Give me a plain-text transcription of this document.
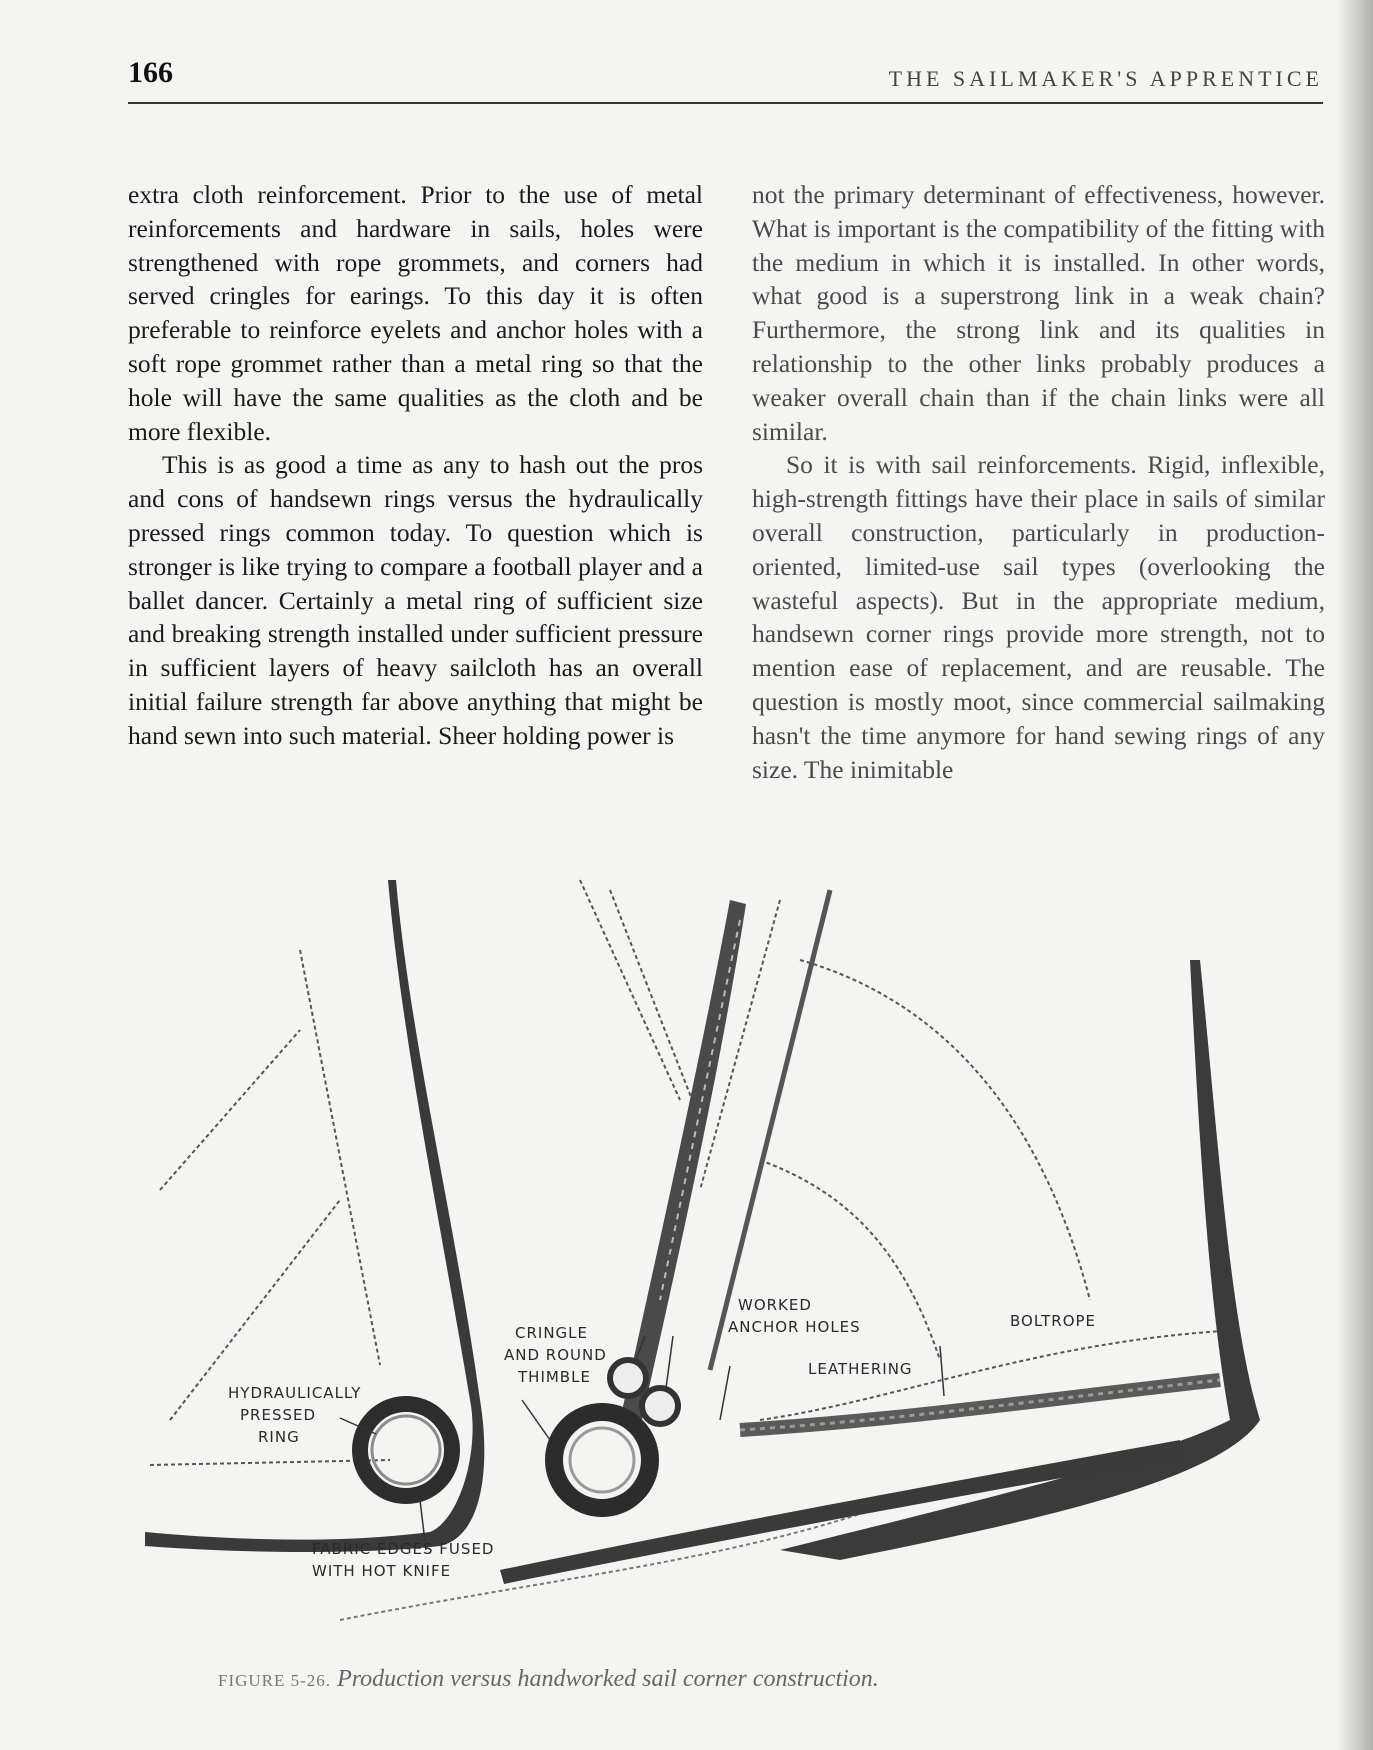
166	THE SAILMAKER'S APPRENTICE

extra cloth reinforcement. Prior to the use of metal reinforcements and hardware in sails, holes were strengthened with rope grommets, and corners had served cringles for earings. To this day it is often preferable to reinforce eyelets and anchor holes with a soft rope grommet rather than a metal ring so that the hole will have the same qualities as the cloth and be more flexible.

This is as good a time as any to hash out the pros and cons of handsewn rings versus the hydraulically pressed rings common today. To question which is stronger is like trying to compare a football player and a ballet dancer. Certainly a metal ring of sufficient size and breaking strength installed under sufficient pressure in sufficient layers of heavy sailcloth has an overall initial failure strength far above anything that might be hand sewn into such material. Sheer holding power is

not the primary determinant of effectiveness, however. What is important is the compatibility of the fitting with the medium in which it is installed. In other words, what good is a superstrong link in a weak chain? Furthermore, the strong link and its qualities in relationship to the other links probably produces a weaker overall chain than if the chain links were all similar.

So it is with sail reinforcements. Rigid, inflexible, high-strength fittings have their place in sails of similar overall construction, particularly in production-oriented, limited-use sail types (overlooking the wasteful aspects). But in the appropriate medium, handsewn corner rings provide more strength, not to mention ease of replacement, and are reusable. The question is mostly moot, since commercial sailmaking hasn't the time anymore for hand sewing rings of any size. The inimitable

HYDRAULICALLY
PRESSED
RING
FABRIC EDGES FUSED
WITH HOT KNIFE
CRINGLE
AND ROUND
THIMBLE
WORKED
ANCHOR HOLES
LEATHERING
BOLTROPE
FIGURE 5-26. Production versus handworked sail corner construction.
